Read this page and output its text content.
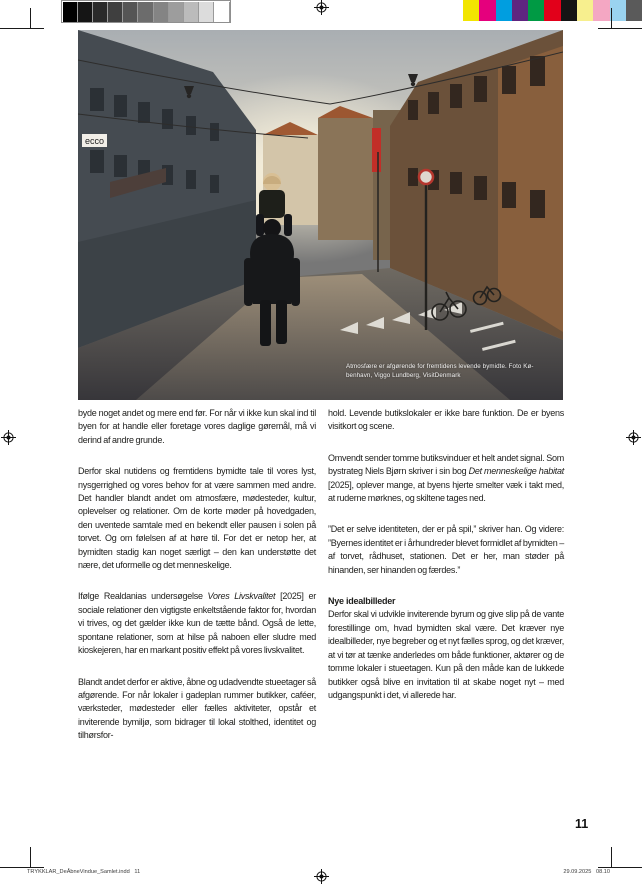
ecco
Atmosfære er afgørende for fremtidens levende bymidte. Foto Kø-
benhavn, Viggo Lundberg, VisitDenmark

byde noget andet og mere end før. For når vi ikke kun skal ind til byen for at handle eller foretage vores daglige gøremål, må vi derind af andre grunde.

Derfor skal nutidens og fremtidens bymidte tale til vores lyst, nysgerrighed og vores behov for at være sammen med andre. Det handler blandt andet om atmosfære, mødesteder, kultur, oplevelser og relationer. Om de korte møder på hovedgaden, den uventede samtale med en bekendt eller pausen i solen på torvet. Og om følelsen af at høre til. For det er netop her, at bymidten stadig kan noget særligt – den kan understøtte det nære, det uformelle og det menneskelige.

Ifølge Realdanias undersøgelse Vores Livskvalitet [2025] er sociale relationer den vigtigste enkeltstående faktor for, hvordan vi trives, og det gælder ikke kun de tætte bånd. Også de lette, spontane relationer, som at hilse på naboen eller sludre med kioskejeren, har en markant positiv effekt på vores livskvalitet.

Blandt andet derfor er aktive, åbne og udadvendte stueetager så afgørende. For når lokaler i gadeplan rummer butikker, caféer, værksteder, mødesteder eller fælles aktiviteter, opstår et inviterende bymiljø, som bidrager til lokal stolthed, identitet og tilhørsfor-

hold. Levende butikslokaler er ikke bare funktion. De er byens visitkort og scene.

Omvendt sender tomme butiksvinduer et helt andet signal. Som bystrateg Niels Bjørn skriver i sin bog Det menneskelige habitat [2025], oplever mange, at byens hjerte smelter væk i takt med, at ruderne mørknes, og skiltene tages ned.

”Det er selve identiteten, der er på spil,” skriver han. Og videre: ”Byernes identitet er i århundreder blevet formidlet af bymidten – af torvet, rådhuset, stationen. Det er her, man støder på hinanden, ser hinanden og færdes.”

Nye idealbilleder

Derfor skal vi udvikle inviterende byrum og give slip på de vante forestillinge om, hvad bymidten skal være. Det kræver nye idealbilleder, nye begreber og et nyt fælles sprog, og det kræver, at vi tør at tænke anderledes om både funktioner, aktører og de tomme lokaler i stueetagen. Kun på den måde kan de lukkede butikker også blive en invitation til at skabe noget nyt – med udgangspunkt i det, vi allerede har.

11
TRYKKLAR_DeÅbneVindue_Samlet.indd   11	29.09.2025   08.10
